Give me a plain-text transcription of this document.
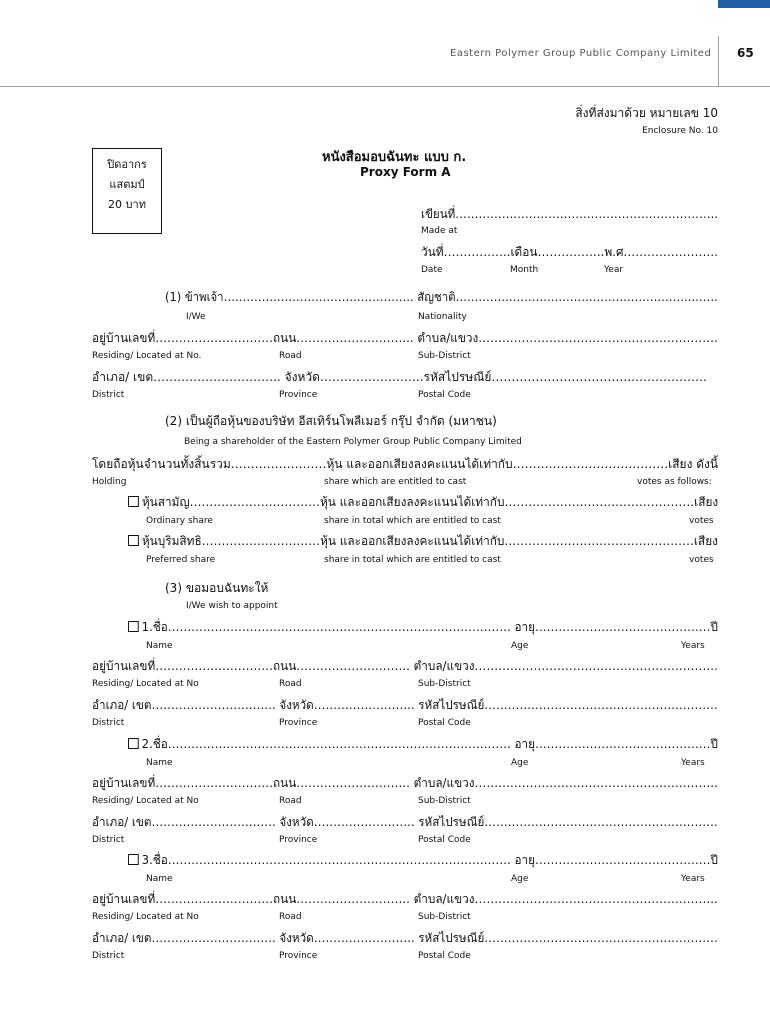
Eastern Polymer Group Public Company Limited 65
สิ่งที่ส่งมาด้วย หมายเลข 10
Enclosure No. 10
ปิดอากร
แสตมป์
20 บาท
หนังสือมอบฉันทะ แบบ ก.
Proxy Form A
เขียนที่…………………………………………………………..
Made at
วันที่……………..เดือน……………..พ.ศ.…………………..
Date	Month	Year
(1) ข้าพเจ้า………………………………………….. สัญชาติ……………………………………………………..…….
I/We	Nationality
อยู่บ้านเลขที่…………………………ถนน………………………... ตำบล/แขวง…………………………………………………….
Residing/ Located at No.	Road	Sub-District
อำเภอ/ เขต………………………….. จังหวัด……………………..รหัสไปรษณีย์……………………………..……………….
District	Province	Postal Code
(2) เป็นผู้ถือหุ้นของบริษัท อีสเทิร์นโพลีเมอร์ กรุ๊ป จำกัด (มหาชน)
Being a shareholder of the Eastern Polymer Group Public Company Limited
โดยถือหุ้นจำนวนทั้งสิ้นรวม……………………หุ้น และออกเสียงลงคะแนนได้เท่ากับ…………………………………เสียง ดังนี้
Holding	share which are entitled to cast	votes as follows:
หุ้นสามัญ……………………………หุ้น และออกเสียงลงคะแนนได้เท่ากับ…………………………………………เสียง
Ordinary share	share in total which are entitled to cast	votes
หุ้นบุริมสิทธิ…………………………หุ้น และออกเสียงลงคะแนนได้เท่ากับ…………………………………………เสียง
Preferred share	share in total which are entitled to cast	votes
(3) ขอมอบฉันทะให้
I/We wish to appoint
1.ชื่อ……………………………………………………………………………. อายุ………………………………………ปี
Name	Age	Years
อยู่บ้านเลขที่…………………………ถนน……………………….. ตำบล/แขวง……………………………………………………..
Residing/ Located at No	Road	Sub-District
อำเภอ/ เขต………………………….. จังหวัด…………………….. รหัสไปรษณีย์……………………………………………………
District	Province	Postal Code
2.ชื่อ……………………………………………………………………………. อายุ………………………………………ปี
Name	Age	Years
อยู่บ้านเลขที่…………………………ถนน……………………….. ตำบล/แขวง……………………………………………………..
Residing/ Located at No	Road	Sub-District
อำเภอ/ เขต………………………….. จังหวัด…………………….. รหัสไปรษณีย์……………………………………………………
District	Province	Postal Code
3.ชื่อ……………………………………………………………………………. อายุ………………………………………ปี
Name	Age	Years
อยู่บ้านเลขที่…………………………ถนน……………………….. ตำบล/แขวง……………………………………………………..
Residing/ Located at No	Road	Sub-District
อำเภอ/ เขต………………………….. จังหวัด…………………….. รหัสไปรษณีย์……………………………………………………
District	Province	Postal Code
